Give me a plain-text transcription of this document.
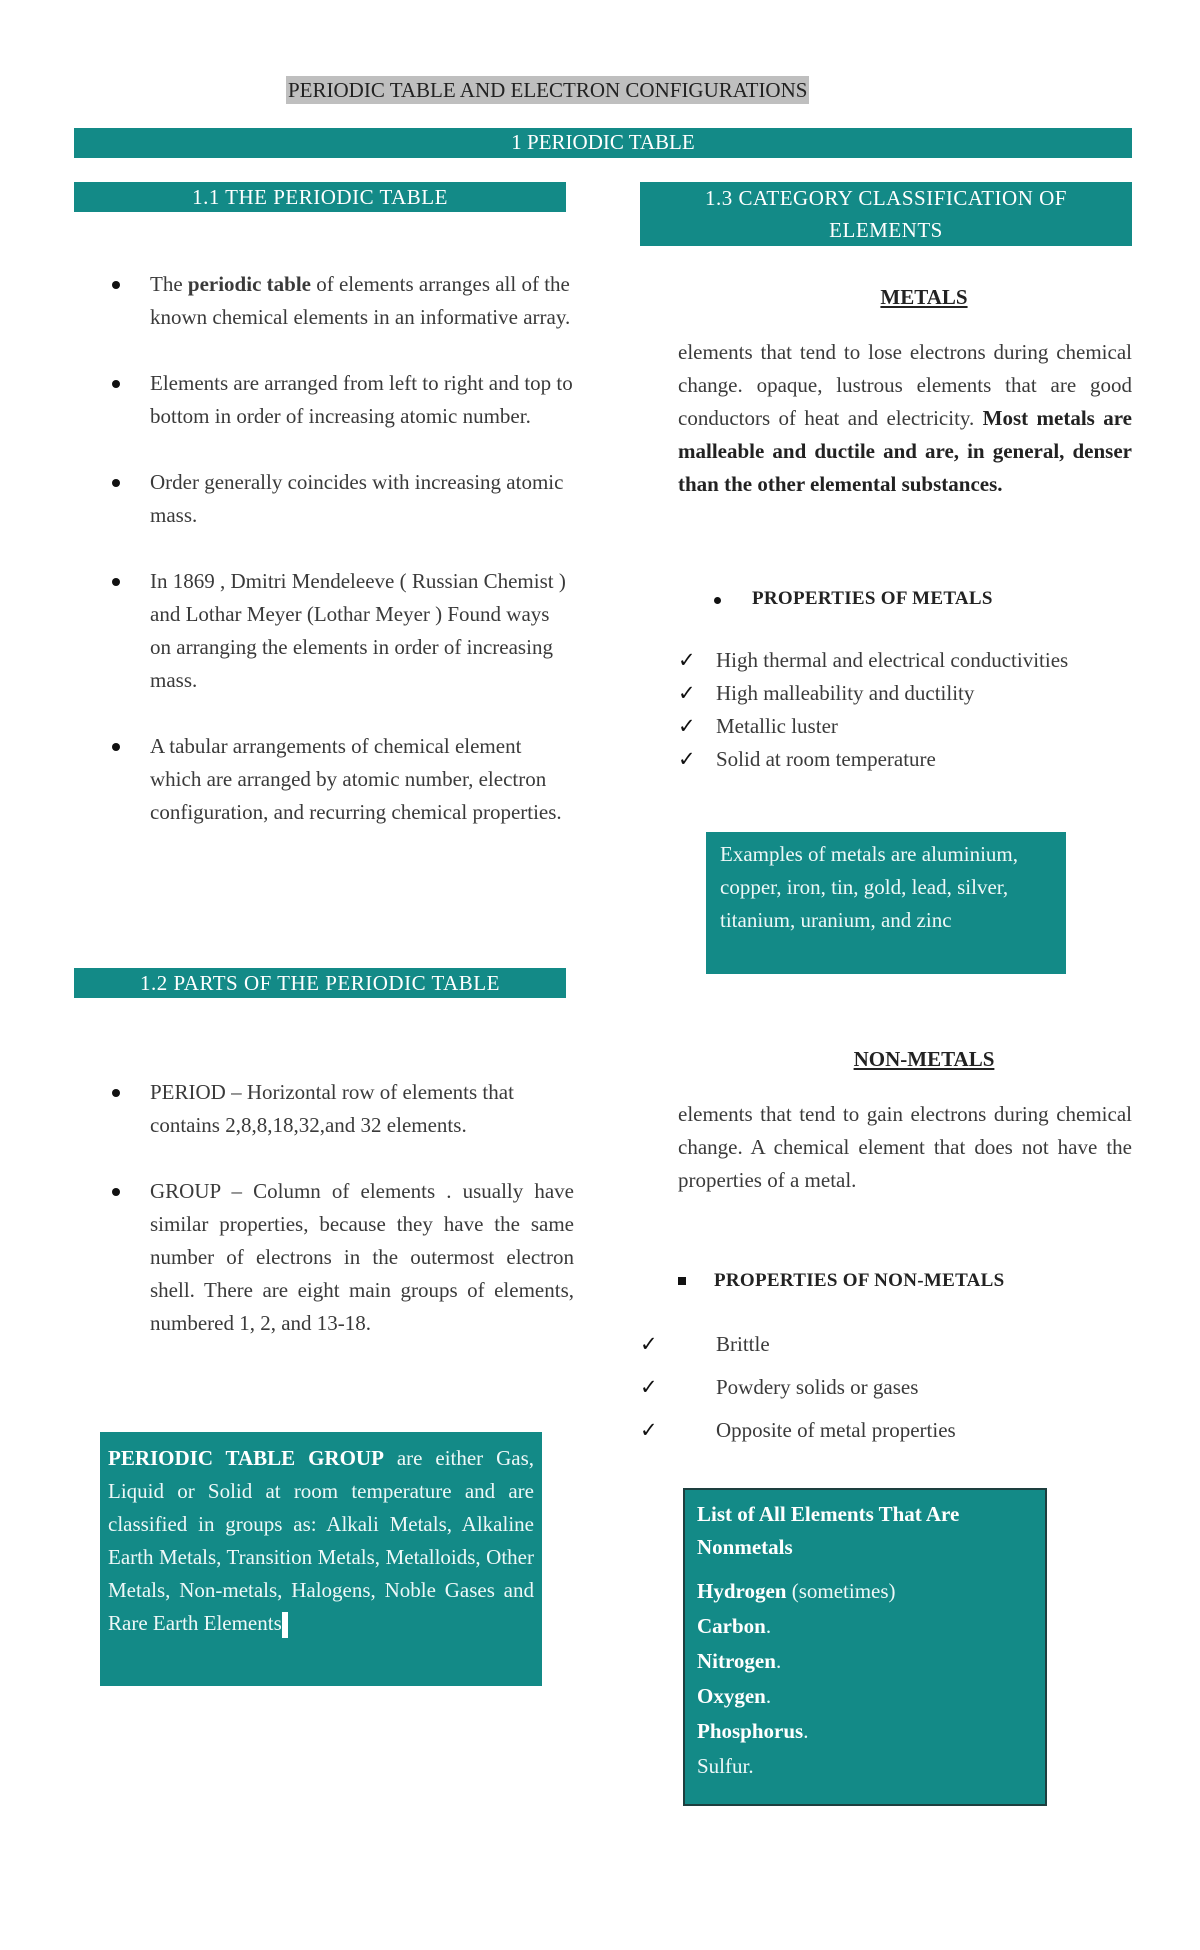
PERIODIC TABLE AND ELECTRON CONFIGURATIONS
1 PERIODIC TABLE
1.1 THE PERIODIC TABLE
The periodic table of elements arranges all of the known chemical elements in an informative array.
Elements are arranged from left to right and top to bottom in order of increasing atomic number.
Order generally coincides with increasing atomic mass.
In 1869 , Dmitri Mendeleeve ( Russian Chemist ) and Lothar Meyer (Lothar Meyer ) Found ways on arranging the elements in order of increasing mass.
A tabular arrangements of chemical element which are arranged by atomic number, electron configuration, and recurring chemical properties.
1.2 PARTS OF THE PERIODIC TABLE
PERIOD – Horizontal row of elements that contains 2,8,8,18,32,and 32 elements.
GROUP – Column of elements . usually have similar properties, because they have the same number of electrons in the outermost electron shell. There are eight main groups of elements, numbered 1, 2, and 13-18.
PERIODIC TABLE GROUP are either Gas, Liquid or Solid at room temperature and are classified in groups as: Alkali Metals, Alkaline Earth Metals, Transition Metals, Metalloids, Other Metals, Non-metals, Halogens, Noble Gases and Rare Earth Elements
1.3 CATEGORY CLASSIFICATION OF
ELEMENTS
METALS
elements that tend to lose electrons during chemical change. opaque, lustrous elements that are good conductors of heat and electricity. Most metals are malleable and ductile and are, in general, denser than the other elemental substances.
PROPERTIES OF METALS
✓ High thermal and electrical conductivities
✓ High malleability and ductility
✓ Metallic luster
✓ Solid at room temperature
Examples of metals are aluminium, copper, iron, tin, gold, lead, silver, titanium, uranium, and zinc
NON-METALS
elements that tend to gain electrons during chemical change. A chemical element that does not have the properties of a metal.
PROPERTIES OF NON-METALS
✓	Brittle
✓	Powdery solids or gases
✓	Opposite of metal properties
List of All Elements That Are Nonmetals
Hydrogen (sometimes)
Carbon.
Nitrogen.
Oxygen.
Phosphorus.
Sulfur.
